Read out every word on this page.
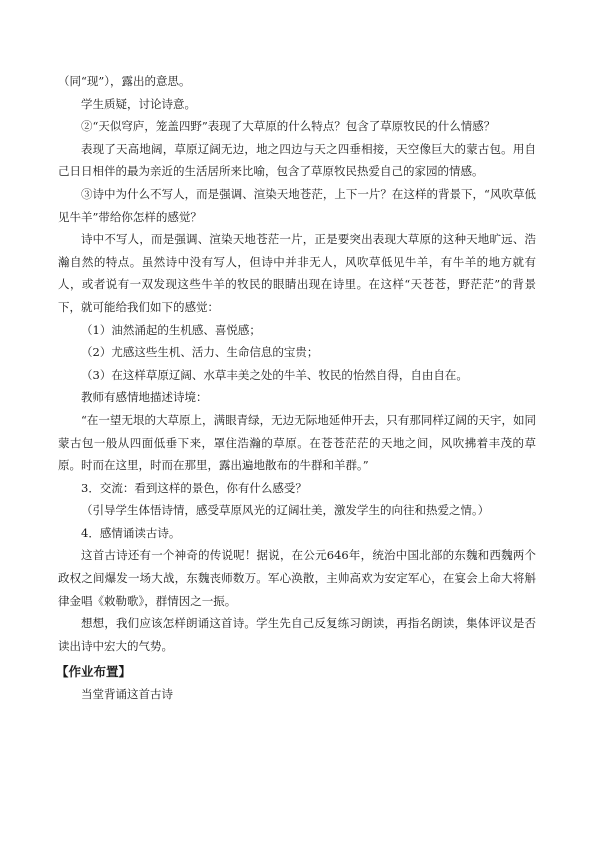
（同“现”），露出的意思。

学生质疑，讨论诗意。

②“天似穹庐，笼盖四野”表现了大草原的什么特点？包含了草原牧民的什么情感？

表现了天高地阔，草原辽阔无边，地之四边与天之四垂相接，天空像巨大的蒙古包。用自己日日相伴的最为亲近的生活居所来比喻，包含了草原牧民热爱自己的家园的情感。

③诗中为什么不写人，而是强调、渲染天地苍茫，上下一片？在这样的背景下，“风吹草低见牛羊”带给你怎样的感觉？

诗中不写人，而是强调、渲染天地苍茫一片，正是要突出表现大草原的这种天地旷远、浩瀚自然的特点。虽然诗中没有写人，但诗中并非无人，风吹草低见牛羊，有牛羊的地方就有人，或者说有一双发现这些牛羊的牧民的眼睛出现在诗里。在这样“天苍苍，野茫茫”的背景下，就可能给我们如下的感觉：

（1）油然涌起的生机感、喜悦感；

（2）尤感这些生机、活力、生命信息的宝贵；

（3）在这样草原辽阔、水草丰美之处的牛羊、牧民的怡然自得，自由自在。

教师有感情地描述诗境：

“在一望无垠的大草原上，满眼青绿，无边无际地延伸开去，只有那同样辽阔的天宇，如同蒙古包一般从四面低垂下来，罩住浩瀚的草原。在苍苍茫茫的天地之间，风吹拂着丰茂的草原。时而在这里，时而在那里，露出遍地散布的牛群和羊群。”

3．交流：看到这样的景色，你有什么感受？

（引导学生体悟诗情，感受草原风光的辽阔壮美，激发学生的向往和热爱之情。）

4．感情诵读古诗。

这首古诗还有一个神奇的传说呢！据说，在公元646年，统治中国北部的东魏和西魏两个政权之间爆发一场大战，东魏丧师数万。军心涣散，主帅高欢为安定军心，在宴会上命大将斛律金唱《敕勒歌》，群情因之一振。

想想，我们应该怎样朗诵这首诗。学生先自己反复练习朗读，再指名朗读，集体评议是否读出诗中宏大的气势。

【作业布置】

当堂背诵这首古诗
